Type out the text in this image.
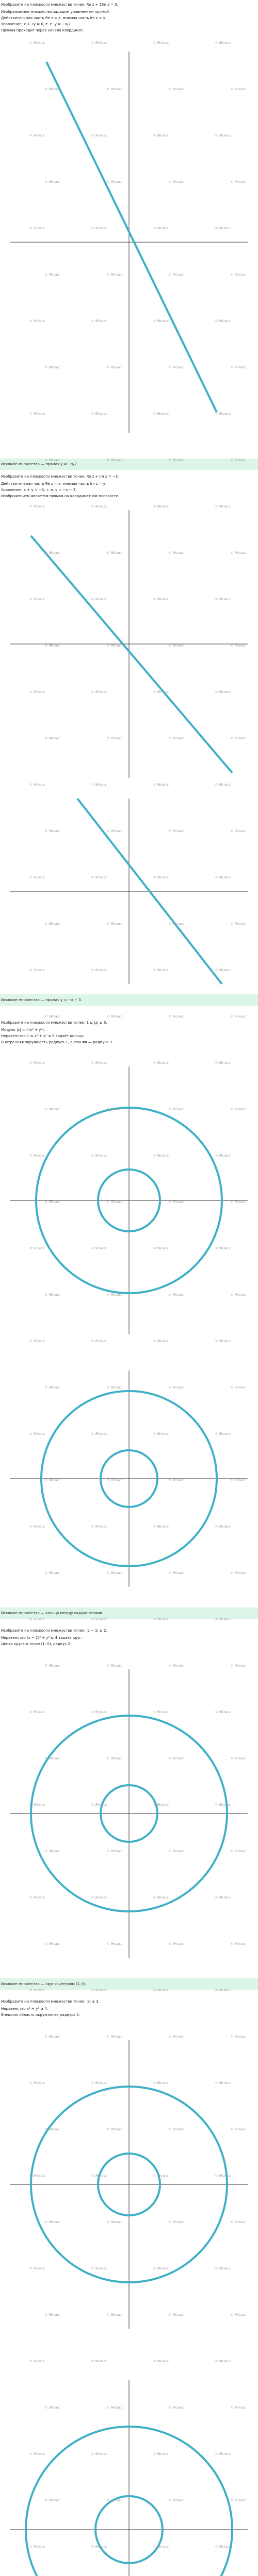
Изобразите на плоскости множество точек: Re z + 2Im z = 0.
Изображаемое множество зададим уравнением прямой.
Действительная часть Re z = x, мнимая часть Im z = y.
Уравнение: x + 2y = 0, т. е. y = −x/2.
Прямая проходит через начало координат.
Искомое множество — прямая y = −x/2.
Изобразите на плоскости множество точек: Re z + Im z = −3.
Действительная часть Re z = x, мнимая часть Im z = y.
Уравнение: x + y = −3, т. е. y = −x − 3.
Изображением является прямая на координатной плоскости.
Искомое множество — прямая y = −x − 3.
Изобразите на плоскости множество точек: 1 ≤ |z| ≤ 3.
Модуль |z| = √(x² + y²).
Неравенство 1 ≤ x² + y² ≤ 9 задаёт кольцо.
Внутренняя окружность радиуса 1, внешняя — радиуса 3.
Искомое множество — кольцо между окружностями.
Изобразите на плоскости множество точек: |z − 1| ≤ 2.
Неравенство (x − 1)² + y² ≤ 4 задаёт круг.
Центр круга в точке (1; 0), радиус 2.
Искомое множество — круг с центром (1; 0).
Изобразите на плоскости множество точек: |z| ≥ 2.
Неравенство x² + y² ≥ 4.
Внешняя область окружности радиуса 2.
© ЯКласс	© ЯКласс	© ЯКласс	© ЯКласс
© ЯКласс	© ЯКласс	© ЯКласс	© ЯКласс
© ЯКласс	© ЯКласс	© ЯКласс	© ЯКласс
© ЯКласс	© ЯКласс	© ЯКласс	© ЯКласс
© ЯКласс	© ЯКласс	© ЯКласс	© ЯКласс
© ЯКласс	© ЯКласс	© ЯКласс	© ЯКласс
© ЯКласс	© ЯКласс	© ЯКласс	© ЯКласс
© ЯКласс	© ЯКласс	© ЯКласс	© ЯКласс
© ЯКласс	© ЯКласс	© ЯКласс	© ЯКласс
© ЯКласс	© ЯКласс	© ЯКласс	© ЯКласс
© ЯКласс	© ЯКласс	© ЯКласс	© ЯКласс
© ЯКласс	© ЯКласс	© ЯКласс	© ЯКласс
© ЯКласс	© ЯКласс	© ЯКласс	© ЯКласс
© ЯКласс	© ЯКласс	© ЯКласс	© ЯКласс
© ЯКласс	© ЯКласс	© ЯКласс	© ЯКласс
© ЯКласс	© ЯКласс	© ЯКласс	© ЯКласс
© ЯКласс	© ЯКласс	© ЯКласс	© ЯКласс
© ЯКласс	© ЯКласс	© ЯКласс	© ЯКласс
© ЯКласс	© ЯКласс	© ЯКласс	© ЯКласс
© ЯКласс	© ЯКласс	© ЯКласс	© ЯКласс
© ЯКласс	© ЯКласс	© ЯКласс	© ЯКласс
© ЯКласс	© ЯКласс	© ЯКласс	© ЯКласс
© ЯКласс	© ЯКласс	© ЯКласс	© ЯКласс
© ЯКласс	© ЯКласс	© ЯКласс	© ЯКласс
© ЯКласс	© ЯКласс	© ЯКласс	© ЯКласс
© ЯКласс	© ЯКласс	© ЯКласс	© ЯКласс
© ЯКласс	© ЯКласс	© ЯКласс	© ЯКласс
© ЯКласс	© ЯКласс	© ЯКласс	© ЯКласс
© ЯКласс	© ЯКласс	© ЯКласс	© ЯКласс
© ЯКласс	© ЯКласс	© ЯКласс	© ЯКласс
© ЯКласс	© ЯКласс	© ЯКласс	© ЯКласс
© ЯКласс	© ЯКласс	© ЯКласс	© ЯКласс
© ЯКласс	© ЯКласс	© ЯКласс	© ЯКласс
© ЯКласс	© ЯКласс	© ЯКласс	© ЯКласс
© ЯКласс	© ЯКласс	© ЯКласс	© ЯКласс
© ЯКласс	© ЯКласс	© ЯКласс	© ЯКласс
© ЯКласс	© ЯКласс	© ЯКласс	© ЯКласс
© ЯКласс	© ЯКласс	© ЯКласс	© ЯКласс
© ЯКласс	© ЯКласс	© ЯКласс	© ЯКласс
© ЯКласс	© ЯКласс	© ЯКласс	© ЯКласс
© ЯКласс	© ЯКласс	© ЯКласс	© ЯКласс
© ЯКласс	© ЯКласс	© ЯКласс	© ЯКласс
© ЯКласс	© ЯКласс	© ЯКласс	© ЯКласс
© ЯКласс	© ЯКласс	© ЯКласс	© ЯКласс
© ЯКласс	© ЯКласс	© ЯКласс	© ЯКласс
© ЯКласс	© ЯКласс	© ЯКласс	© ЯКласс
© ЯКласс	© ЯКласс	© ЯКласс	© ЯКласс
© ЯКласс	© ЯКласс	© ЯКласс	© ЯКласс
© ЯКласс	© ЯКласс	© ЯКласс	© ЯКласс
© ЯКласс	© ЯКласс	© ЯКласс	© ЯКласс
© ЯКласс	© ЯКласс	© ЯКласс	© ЯКласс
© ЯКласс	© ЯКласс	© ЯКласс	© ЯКласс
© ЯКласс	© ЯКласс	© ЯКласс	© ЯКласс
© ЯКласс	© ЯКласс	© ЯКласс	© ЯКласс
© ЯКласс	© ЯКласс	© ЯКласс	© ЯКласс
